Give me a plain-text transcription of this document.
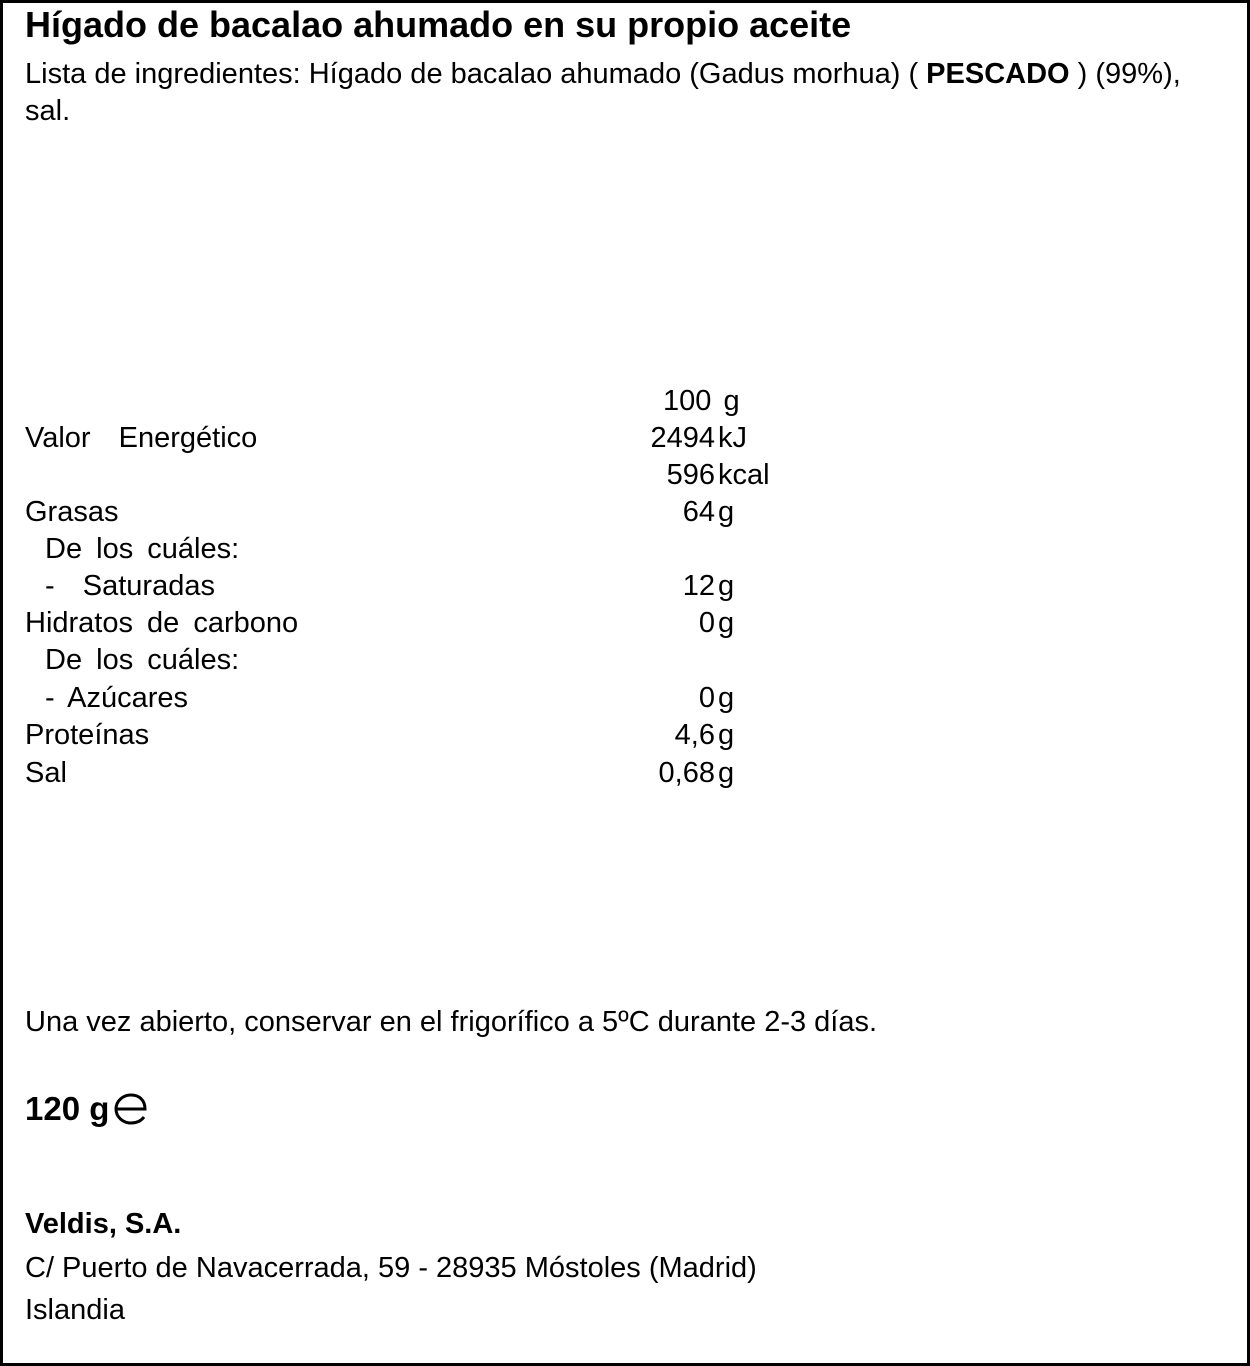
Hígado de bacalao ahumado en su propio aceite
Lista de ingredientes: Hígado de bacalao ahumado (Gadus morhua) ( PESCADO ) (99%), sal.
100 g
Valor  Energético	2494 kJ
596 kcal
Grasas	64 g
De los cuáles:
-  Saturadas	12 g
Hidratos de carbono	0 g
De los cuáles:
- Azúcares	0 g
Proteínas	4,6 g
Sal	0,68 g
Una vez abierto, conservar en el frigorífico a 5ºC durante 2-3 días.
120 g
Veldis, S.A.
C/ Puerto de Navacerrada, 59 - 28935 Móstoles (Madrid)
Islandia
